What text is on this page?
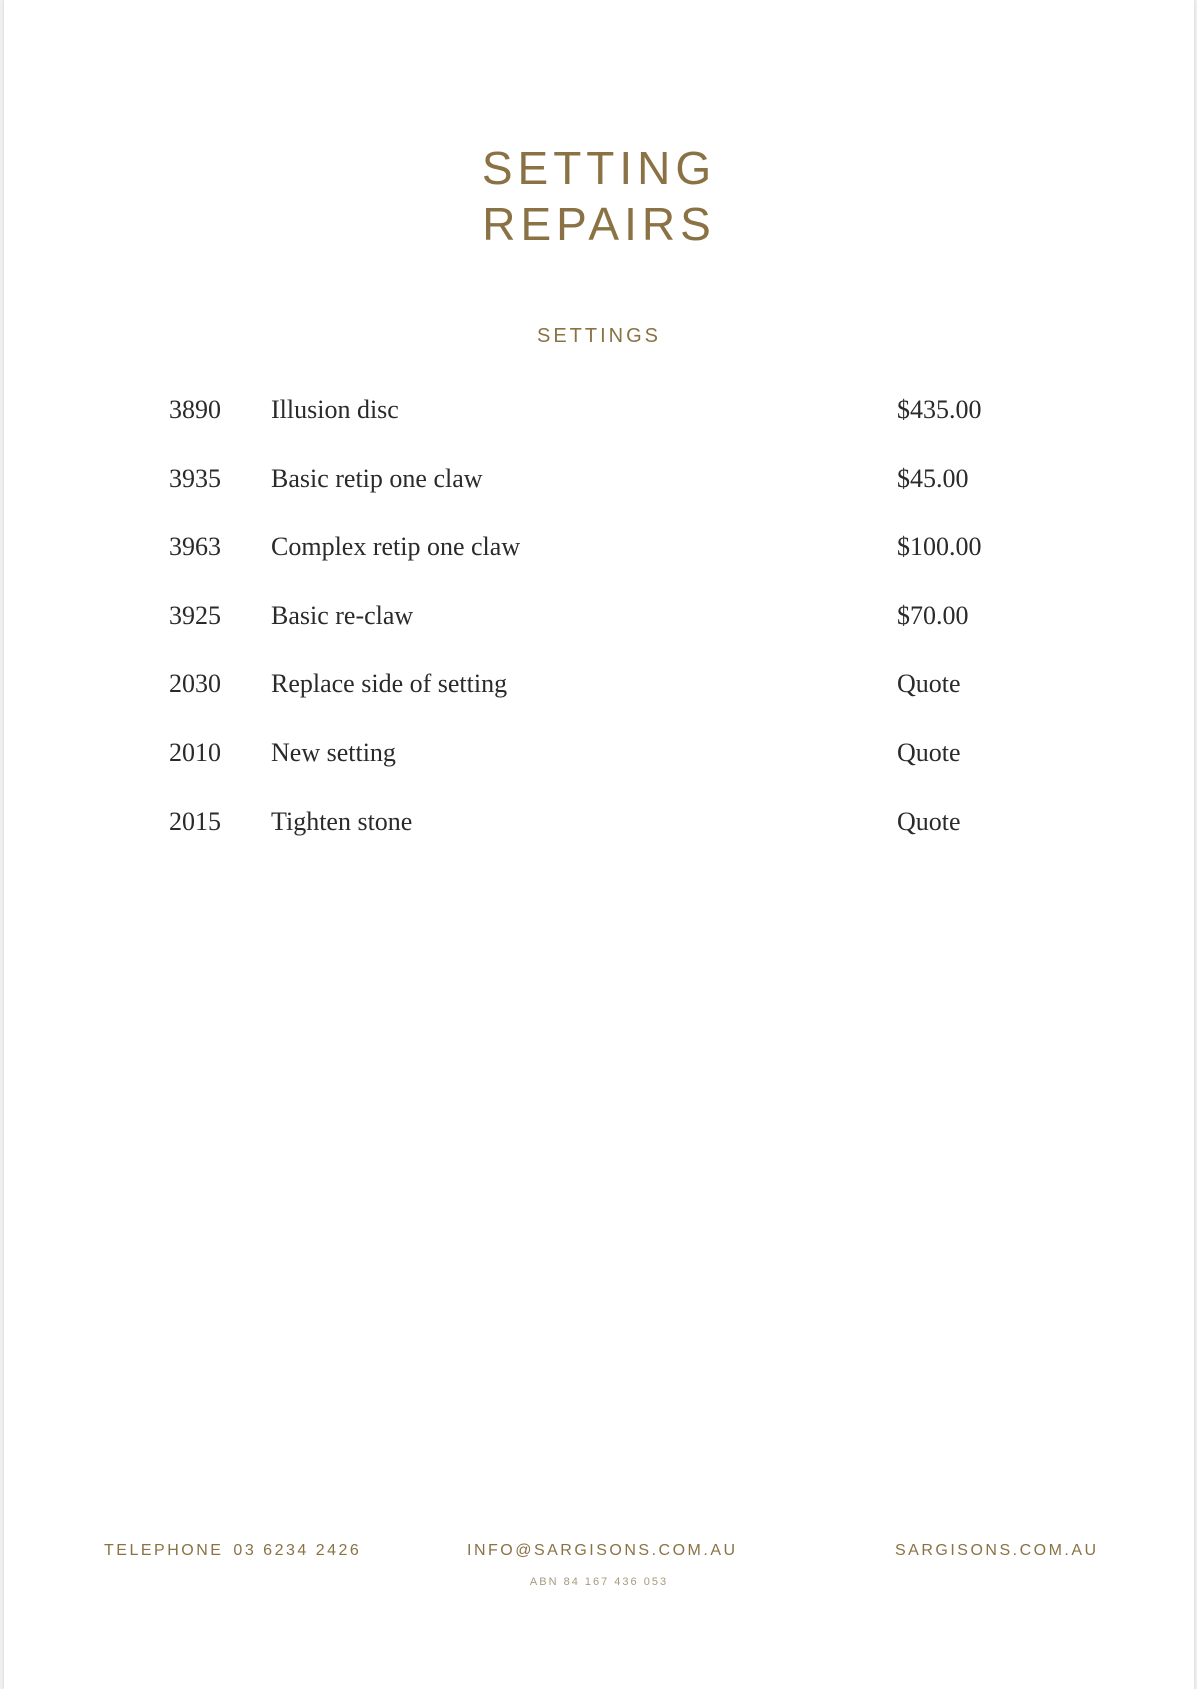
SETTING
REPAIRS
SETTINGS
3890 Illusion disc	$435.00
3935 Basic retip one claw	$45.00
3963 Complex retip one claw	$100.00
3925 Basic re-claw	$70.00
2030 Replace side of setting	Quote
2010 New setting	Quote
2015 Tighten stone	Quote
TELEPHONE 03 6234 2426	INFO@SARGISONS.COM.AU	SARGISONS.COM.AU
ABN 84 167 436 053
